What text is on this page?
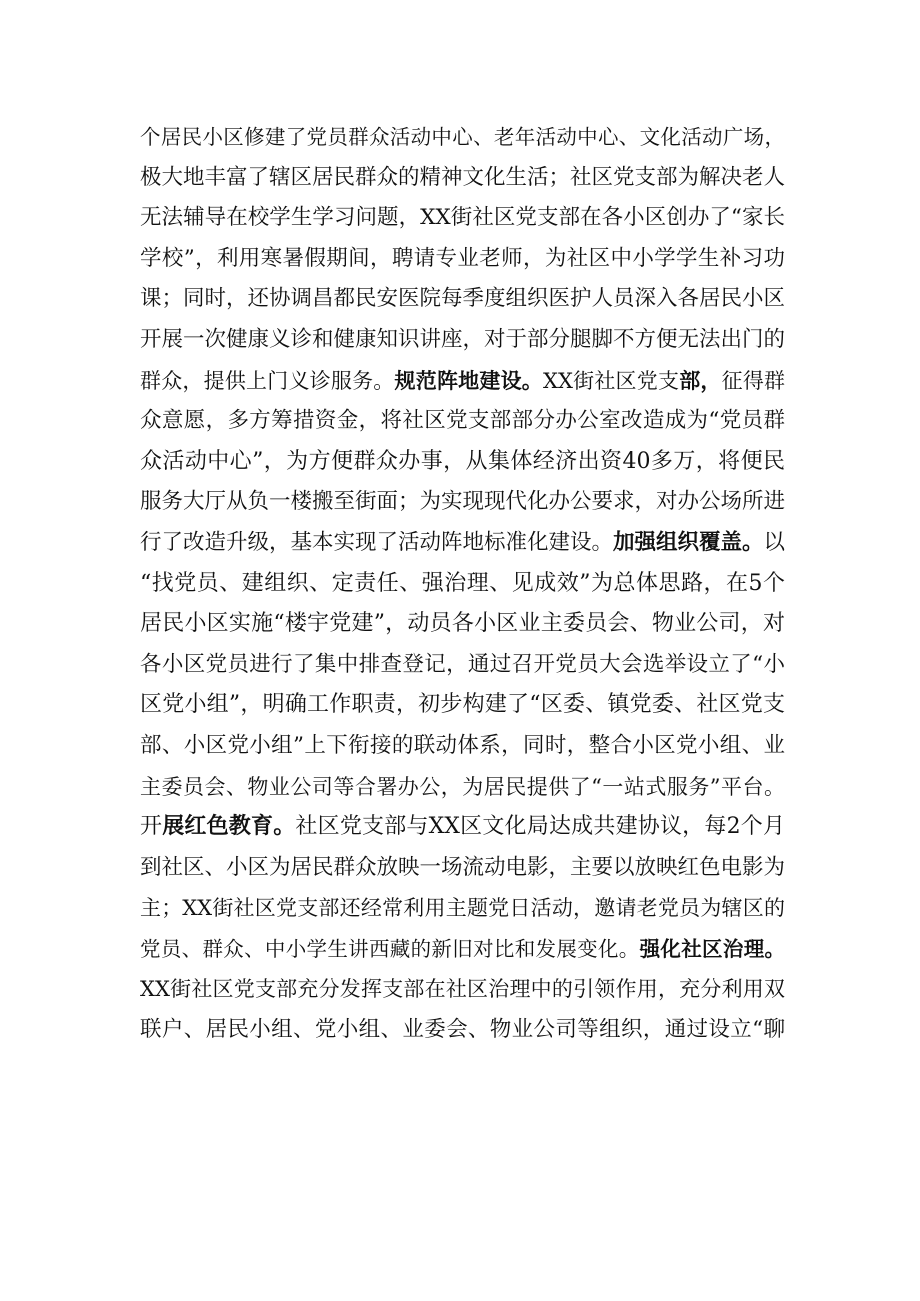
个居民小区修建了党员群众活动中心、老年活动中心、文化活动广场，
极大地丰富了辖区居民群众的精神文化生活；社区党支部为解决老人
无法辅导在校学生学习问题，XX街社区党支部在各小区创办了“家长
学校”，利用寒暑假期间，聘请专业老师，为社区中小学学生补习功
课；同时，还协调昌都民安医院每季度组织医护人员深入各居民小区
开展一次健康义诊和健康知识讲座，对于部分腿脚不方便无法出门的
群众，提供上门义诊服务。规范阵地建设。XX街社区党支部，征得群
众意愿，多方筹措资金，将社区党支部部分办公室改造成为“党员群
众活动中心”，为方便群众办事，从集体经济出资40多万，将便民
服务大厅从负一楼搬至街面；为实现现代化办公要求，对办公场所进
行了改造升级，基本实现了活动阵地标准化建设。加强组织覆盖。以
“找党员、建组织、定责任、强治理、见成效”为总体思路，在5个
居民小区实施“楼宇党建”，动员各小区业主委员会、物业公司，对
各小区党员进行了集中排查登记，通过召开党员大会选举设立了“小
区党小组”，明确工作职责，初步构建了“区委、镇党委、社区党支
部、小区党小组”上下衔接的联动体系，同时，整合小区党小组、业
主委员会、物业公司等合署办公，为居民提供了“一站式服务”平台。
开展红色教育。社区党支部与XX区文化局达成共建协议，每2个月
到社区、小区为居民群众放映一场流动电影，主要以放映红色电影为
主；XX街社区党支部还经常利用主题党日活动，邀请老党员为辖区的
党员、群众、中小学生讲西藏的新旧对比和发展变化。强化社区治理。
XX街社区党支部充分发挥支部在社区治理中的引领作用，充分利用双
联户、居民小组、党小组、业委会、物业公司等组织，通过设立“聊
